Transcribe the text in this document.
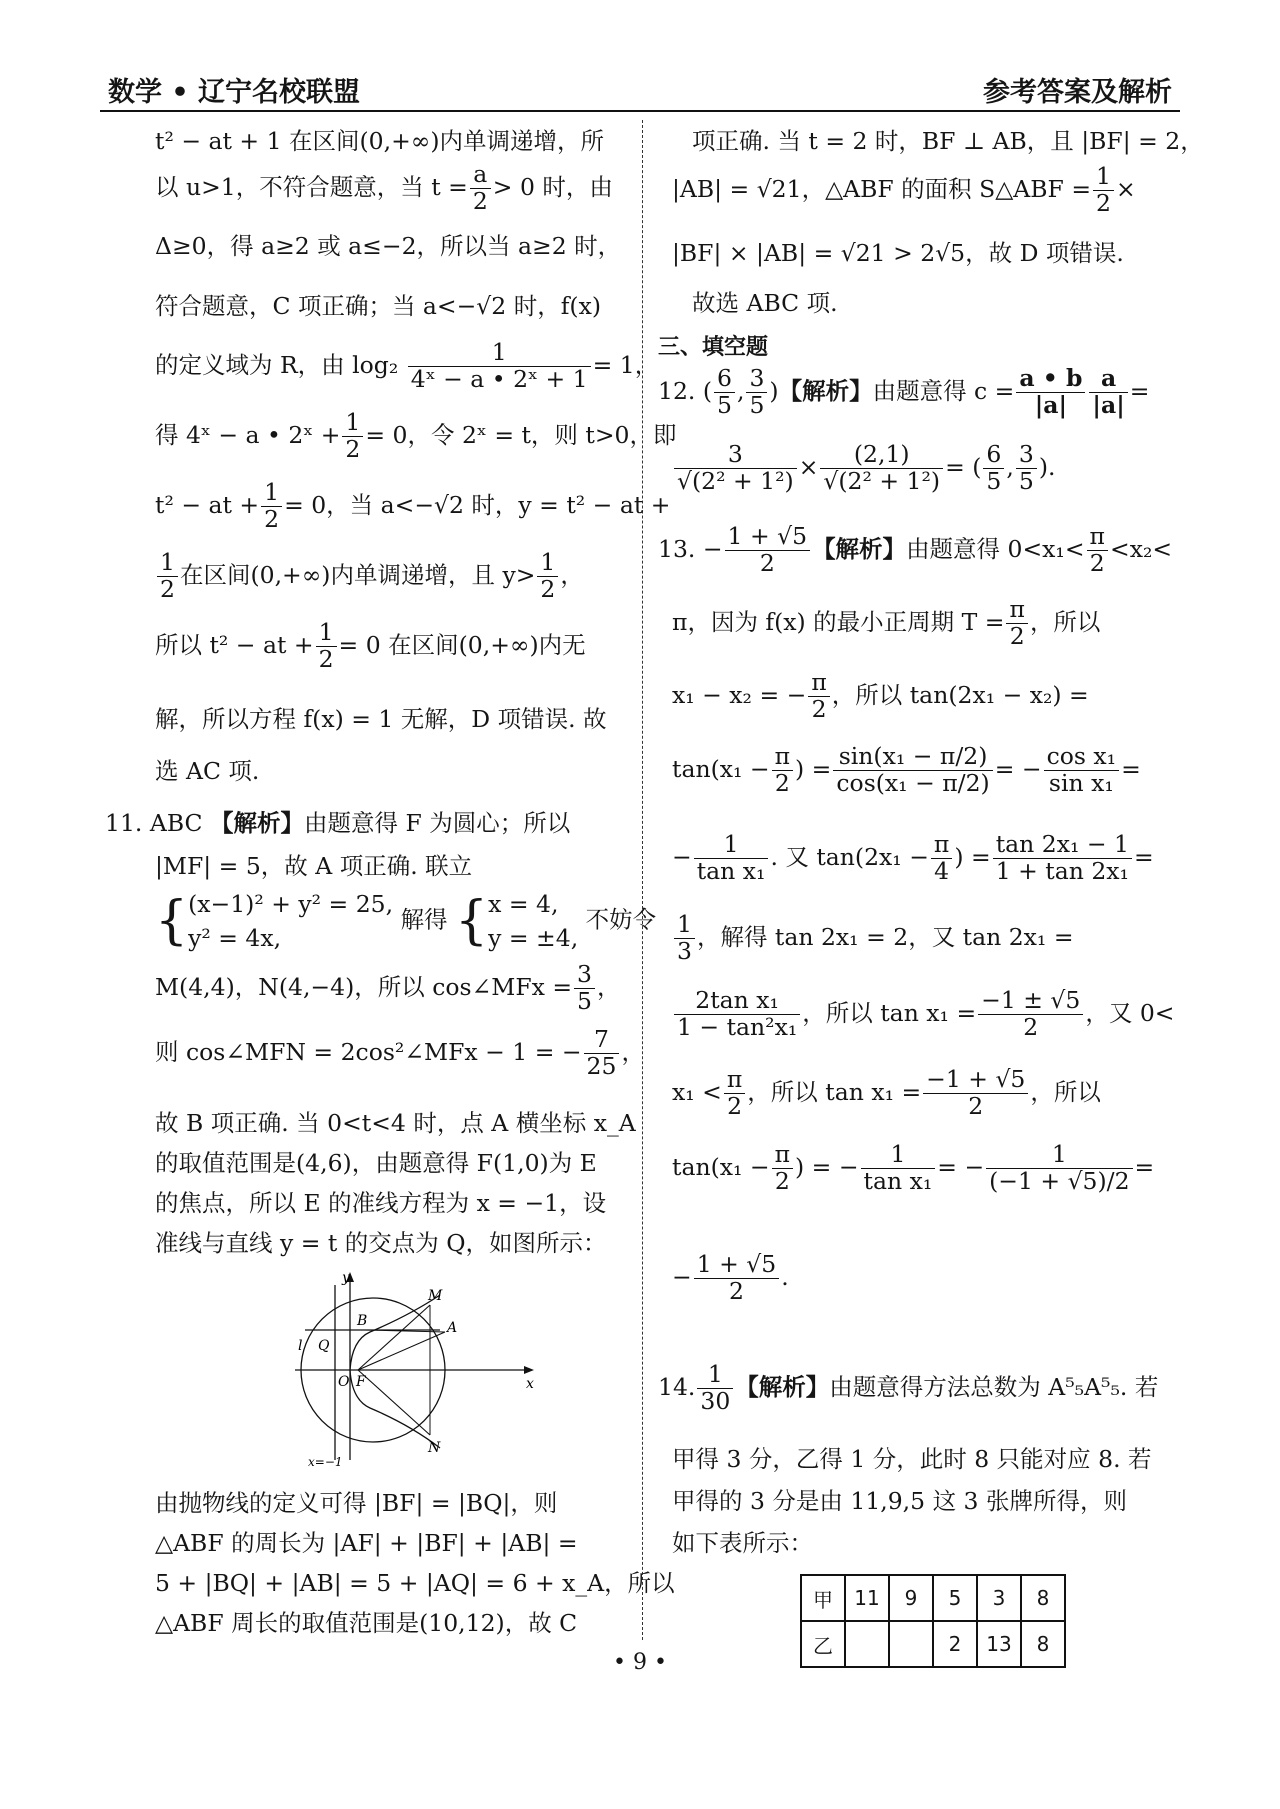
数学 • 辽宁名校联盟	参考答案及解析
t² − at + 1 在区间(0,+∞)内单调递增，所
以 u>1，不符合题意，当 $t = \frac{a}{2} > 0$ 时，由
Δ≥0，得 a≥2 或 a≤−2，所以当 a≥2 时，
符合题意，C 项正确；当 a<−√2 时，f(x)
的定义域为 R，由 $\log_2 \frac{1}{\text{4ˣ − a • 2ˣ + 1}} = 1$，
得 4ˣ − a • 2ˣ + $\frac{1}{2} = 0$，令 2ˣ = t，则 t>0，即
t² − at + $\frac{1}{2} = 0$，当 a<−√2 时，y = t² − at +
$\frac{1}{2}$ 在区间(0,+∞)内单调递增，且 $y> \frac{1}{2}$ ，
所以 t² − at + $\frac{1}{2} = 0$ 在区间(0,+∞)内无
解，所以方程 f(x) = 1 无解，D 项错误. 故
选 AC 项.
11. ABC 【解析】由题意得 F 为圆心；所以
|MF| = 5，故 A 项正确. 联立
{ (x−1)² + y² = 25,
y² = 4x,
解得 { x = 4,
y = ±4,
不妨令
M(4,4)，N(4,−4)，所以 cos∠MFx = $\frac{3}{5}$ ，
则 cos∠MFN = 2cos²∠MFx − 1 = − $\frac{7}{25}$ ，
故 B 项正确. 当 0<t<4 时，点 A 横坐标 x_A
的取值范围是(4,6)，由题意得 F(1,0)为 E
的焦点，所以 E 的准线方程为 x = −1，设
准线与直线 y = t 的交点为 Q，如图所示：
y
x
O F
B
Q
M
A
N
l
x=−1
由抛物线的定义可得 |BF| = |BQ|，则
△ABF 的周长为 |AF| + |BF| + |AB| =
5 + |BQ| + |AB| = 5 + |AQ| = 6 + x_A，所以
△ABF 周长的取值范围是(10,12)，故 C
项正确. 当 t = 2 时，BF ⊥ AB，且 |BF| = 2，
|AB| = √21，△ABF 的面积 S△ABF = $\frac{1}{2}$ ×
|BF| × |AB| = √21 > 2√5，故 D 项错误.
故选 ABC 项.
三、填空题
12. ( $\frac{6}{5}$ , $\frac{3}{5}$ )【解析】由题意得 $c = \frac{a • b}{|a|} \frac{a}{|a|}$ =
$\frac{3}{\text{√(2² + 1²)}} \times \frac{(2,1)}{\text{√(2² + 1²)}}$ = ( $\frac{6}{5}$ , $\frac{3}{5}$ ).
13. − $\frac{1 + √5}{2}$ 【解析】由题意得 $0<x_1< \frac{\pi}{2} <x_2<$
π，因为 f(x) 的最小正周期 $T = \frac{\pi}{2}$ ，所以
x₁ − x₂ = − $\frac{\pi}{2}$ ，所以 tan(2x₁ − x₂) =
$\tan(x_1 - \frac{\pi}{2}$ ) = $\frac{\text{sin(x₁ − π/2)}}{\text{cos(x₁ − π/2)}}$ = − $\frac{\text{cos x₁}}{\text{sin x₁}}$ =
− $\frac{1}{\text{tan x₁}}$ . 又 $\tan(2x_1 - \frac{\pi}{4}$ ) = $\frac{\text{tan 2x₁ − 1}}{\text{1 + tan 2x₁}}$ =
$\frac{1}{3}$ ，解得 tan 2x₁ = 2，又 tan 2x₁ =
$\frac{\text{2tan x₁}}{\text{1 − tan²x₁}}$ ，所以 $\tan x_1 = \frac{-1 \pm √5}{2}$ ，又 0<
$x_1 < \frac{\pi}{2}$ ，所以 $\tan x_1 = \frac{-1 + √5}{2}$ ，所以
$\tan(x_1 - \frac{\pi}{2}$ ) = − $\frac{1}{\text{tan x₁}}$ = − $\frac{1}{(-1 + √5)/2}$ =
− $\frac{1 + √5}{2}$ .
14. $\frac{1}{30}$ 【解析】由题意得方法总数为 A⁵₅A⁵₅. 若
甲得 3 分，乙得 1 分，此时 8 只能对应 8. 若
甲得的 3 分是由 11,9,5 这 3 张牌所得，则
如下表所示：
甲	11	9	5	3	8
乙			2	13	8
• 9 •
